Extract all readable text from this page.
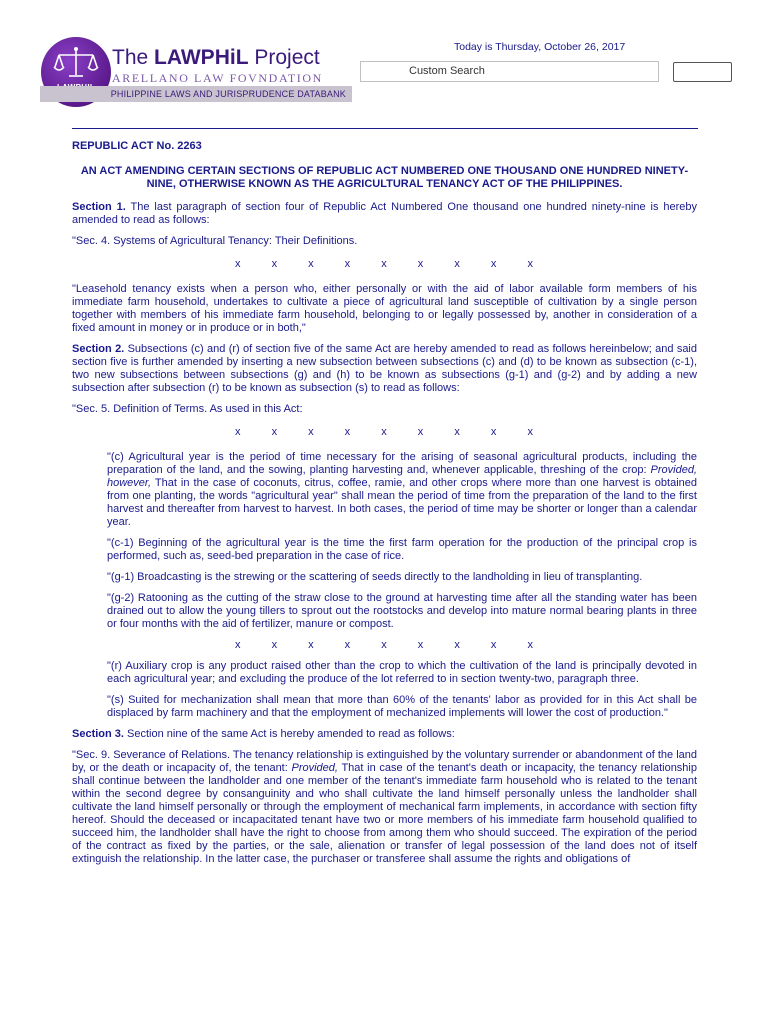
The LAWPHiL Project
ARELLANO LAW FOVNDATION
PHILIPPINE LAWS AND JURISPRUDENCE DATABANK
Today is Thursday, October 26, 2017
Custom Search

REPUBLIC ACT No. 2263

AN ACT AMENDING CERTAIN SECTIONS OF REPUBLIC ACT NUMBERED ONE THOUSAND ONE HUNDRED NINETY-NINE, OTHERWISE KNOWN AS THE AGRICULTURAL TENANCY ACT OF THE PHILIPPINES.

Section 1. The last paragraph of section four of Republic Act Numbered One thousand one hundred ninety-nine is hereby amended to read as follows:

"Sec. 4. Systems of Agricultural Tenancy: Their Definitions.

x x x x x x x x x

"Leasehold tenancy exists when a person who, either personally or with the aid of labor available form members of his immediate farm household, undertakes to cultivate a piece of agricultural land susceptible of cultivation by a single person together with members of his immediate farm household, belonging to or legally possessed by, another in consideration of a fixed amount in money or in produce or in both,"

Section 2. Subsections (c) and (r) of section five of the same Act are hereby amended to read as follows hereinbelow; and said section five is further amended by inserting a new subsection between subsections (c) and (d) to be known as subsection (c-1), two new subsections between subsections (g) and (h) to be known as subsections (g-1) and (g-2) and by adding a new subsection after subsection (r) to be known as subsection (s) to read as follows:

"Sec. 5. Definition of Terms. As used in this Act:

x x x x x x x x x

"(c) Agricultural year is the period of time necessary for the arising of seasonal agricultural products, including the preparation of the land, and the sowing, planting harvesting and, whenever applicable, threshing of the crop: Provided, however, That in the case of coconuts, citrus, coffee, ramie, and other crops where more than one harvest is obtained from one planting, the words "agricultural year" shall mean the period of time from the preparation of the land to the first harvest and thereafter from harvest to harvest. In both cases, the period of time may be shorter or longer than a calendar year.

"(c-1) Beginning of the agricultural year is the time the first farm operation for the production of the principal crop is performed, such as, seed-bed preparation in the case of rice.

"(g-1) Broadcasting is the strewing or the scattering of seeds directly to the landholding in lieu of transplanting.

"(g-2) Ratooning as the cutting of the straw close to the ground at harvesting time after all the standing water has been drained out to allow the young tillers to sprout out the rootstocks and develop into mature normal bearing plants in three or four months with the aid of fertilizer, manure or compost.

x x x x x x x x x

"(r) Auxiliary crop is any product raised other than the crop to which the cultivation of the land is principally devoted in each agricultural year; and excluding the produce of the lot referred to in section twenty-two, paragraph three.

"(s) Suited for mechanization shall mean that more than 60% of the tenants' labor as provided for in this Act shall be displaced by farm machinery and that the employment of mechanized implements will lower the cost of production."

Section 3. Section nine of the same Act is hereby amended to read as follows:

"Sec. 9. Severance of Relations. The tenancy relationship is extinguished by the voluntary surrender or abandonment of the land by, or the death or incapacity of, the tenant: Provided, That in case of the tenant's death or incapacity, the tenancy relationship shall continue between the landholder and one member of the tenant's immediate farm household who is related to the tenant within the second degree by consanguinity and who shall cultivate the land himself personally unless the landholder shall cultivate the land himself personally or through the employment of mechanical farm implements, in accordance with section fifty hereof. Should the deceased or incapacitated tenant have two or more members of his immediate farm household qualified to succeed him, the landholder shall have the right to choose from among them who should succeed. The expiration of the period of the contract as fixed by the parties, or the sale, alienation or transfer of legal possession of the land does not of itself extinguish the relationship. In the latter case, the purchaser or transferee shall assume the rights and obligations of
